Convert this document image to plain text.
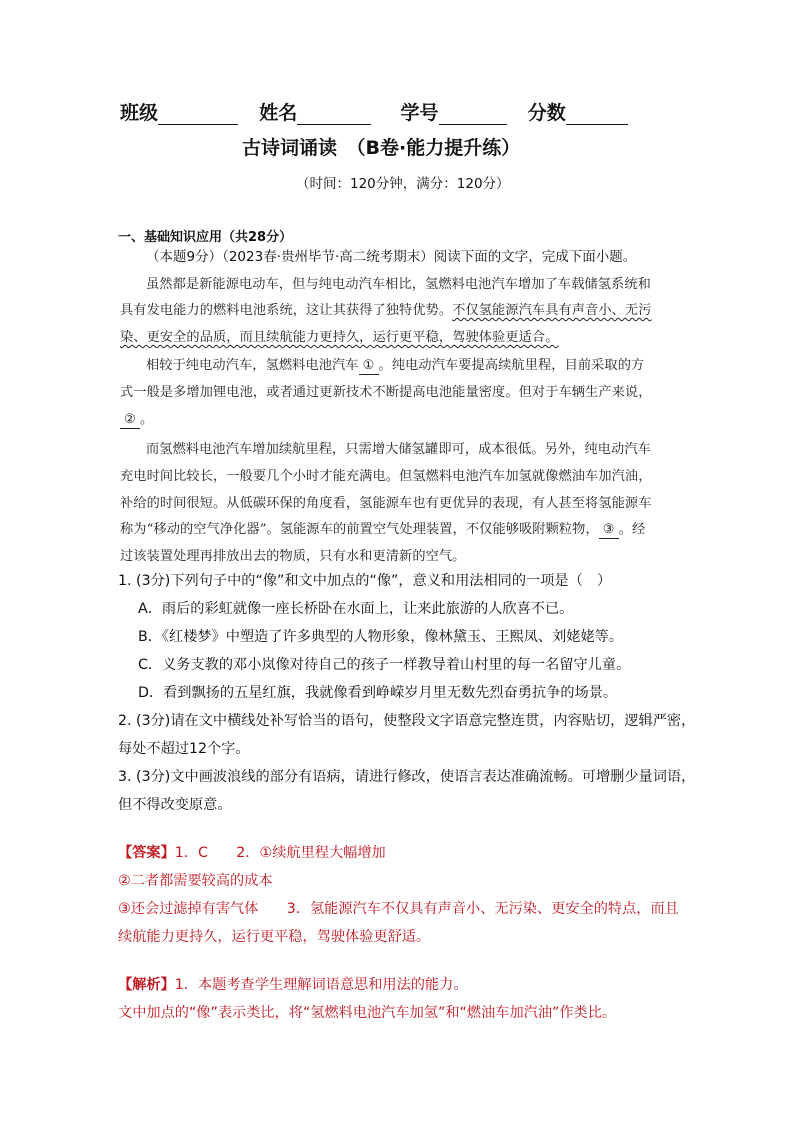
班级	姓名	学号	分数
古诗词诵读　（B卷·能力提升练）
（时间：120分钟，满分：120分）
一、基础知识应用（共28分）
（本题9分）（2023春·贵州毕节·高二统考期末）阅读下面的文字，完成下面小题。
虽然都是新能源电动车，但与纯电动汽车相比，氢燃料电池汽车增加了车载储氢系统和
具有发电能力的燃料电池系统，这让其获得了独特优势。不仅氢能源汽车具有声音小、无污
染、更安全的品质，而且续航能力更持久，运行更平稳，驾驶体验更适合。
相较于纯电动汽车，氢燃料电池汽车 ① 。纯电动汽车要提高续航里程，目前采取的方
式一般是多增加锂电池，或者通过更新技术不断提高电池能量密度。但对于车辆生产来说，
② 。
而氢燃料电池汽车增加续航里程，只需增大储氢罐即可，成本很低。另外，纯电动汽车
充电时间比较长，一般要几个小时才能充满电。但氢燃料电池汽车加氢就像燃油车加汽油，
补给的时间很短。从低碳环保的角度看，氢能源车也有更优异的表现，有人甚至将氢能源车
称为“移动的空气净化器”。氢能源车的前置空气处理装置，不仅能够吸附颗粒物， ③ 。经
过该装置处理再排放出去的物质，只有水和更清新的空气。
1. (3分)下列句子中的“像”和文中加点的“像”，意义和用法相同的一项是（　）
A．雨后的彩虹就像一座长桥卧在水面上，让来此旅游的人欣喜不已。
B．《红楼梦》中塑造了许多典型的人物形象，像林黛玉、王熙凤、刘姥姥等。
C．义务支教的邓小岚像对待自己的孩子一样教导着山村里的每一名留守儿童。
D．看到飘扬的五星红旗，我就像看到峥嵘岁月里无数先烈奋勇抗争的场景。
2. (3分)请在文中横线处补写恰当的语句，使整段文字语意完整连贯，内容贴切，逻辑严密，
每处不超过12个字。
3. (3分)文中画波浪线的部分有语病，请进行修改，使语言表达准确流畅。可增删少量词语，
但不得改变原意。
【答案】1．C　　2．①续航里程大幅增加
②二者都需要较高的成本
③还会过滤掉有害气体　　3．氢能源汽车不仅具有声音小、无污染、更安全的特点，而且
续航能力更持久，运行更平稳，驾驶体验更舒适。
【解析】1．本题考查学生理解词语意思和用法的能力。
文中加点的“像”表示类比，将“氢燃料电池汽车加氢”和“燃油车加汽油”作类比。
